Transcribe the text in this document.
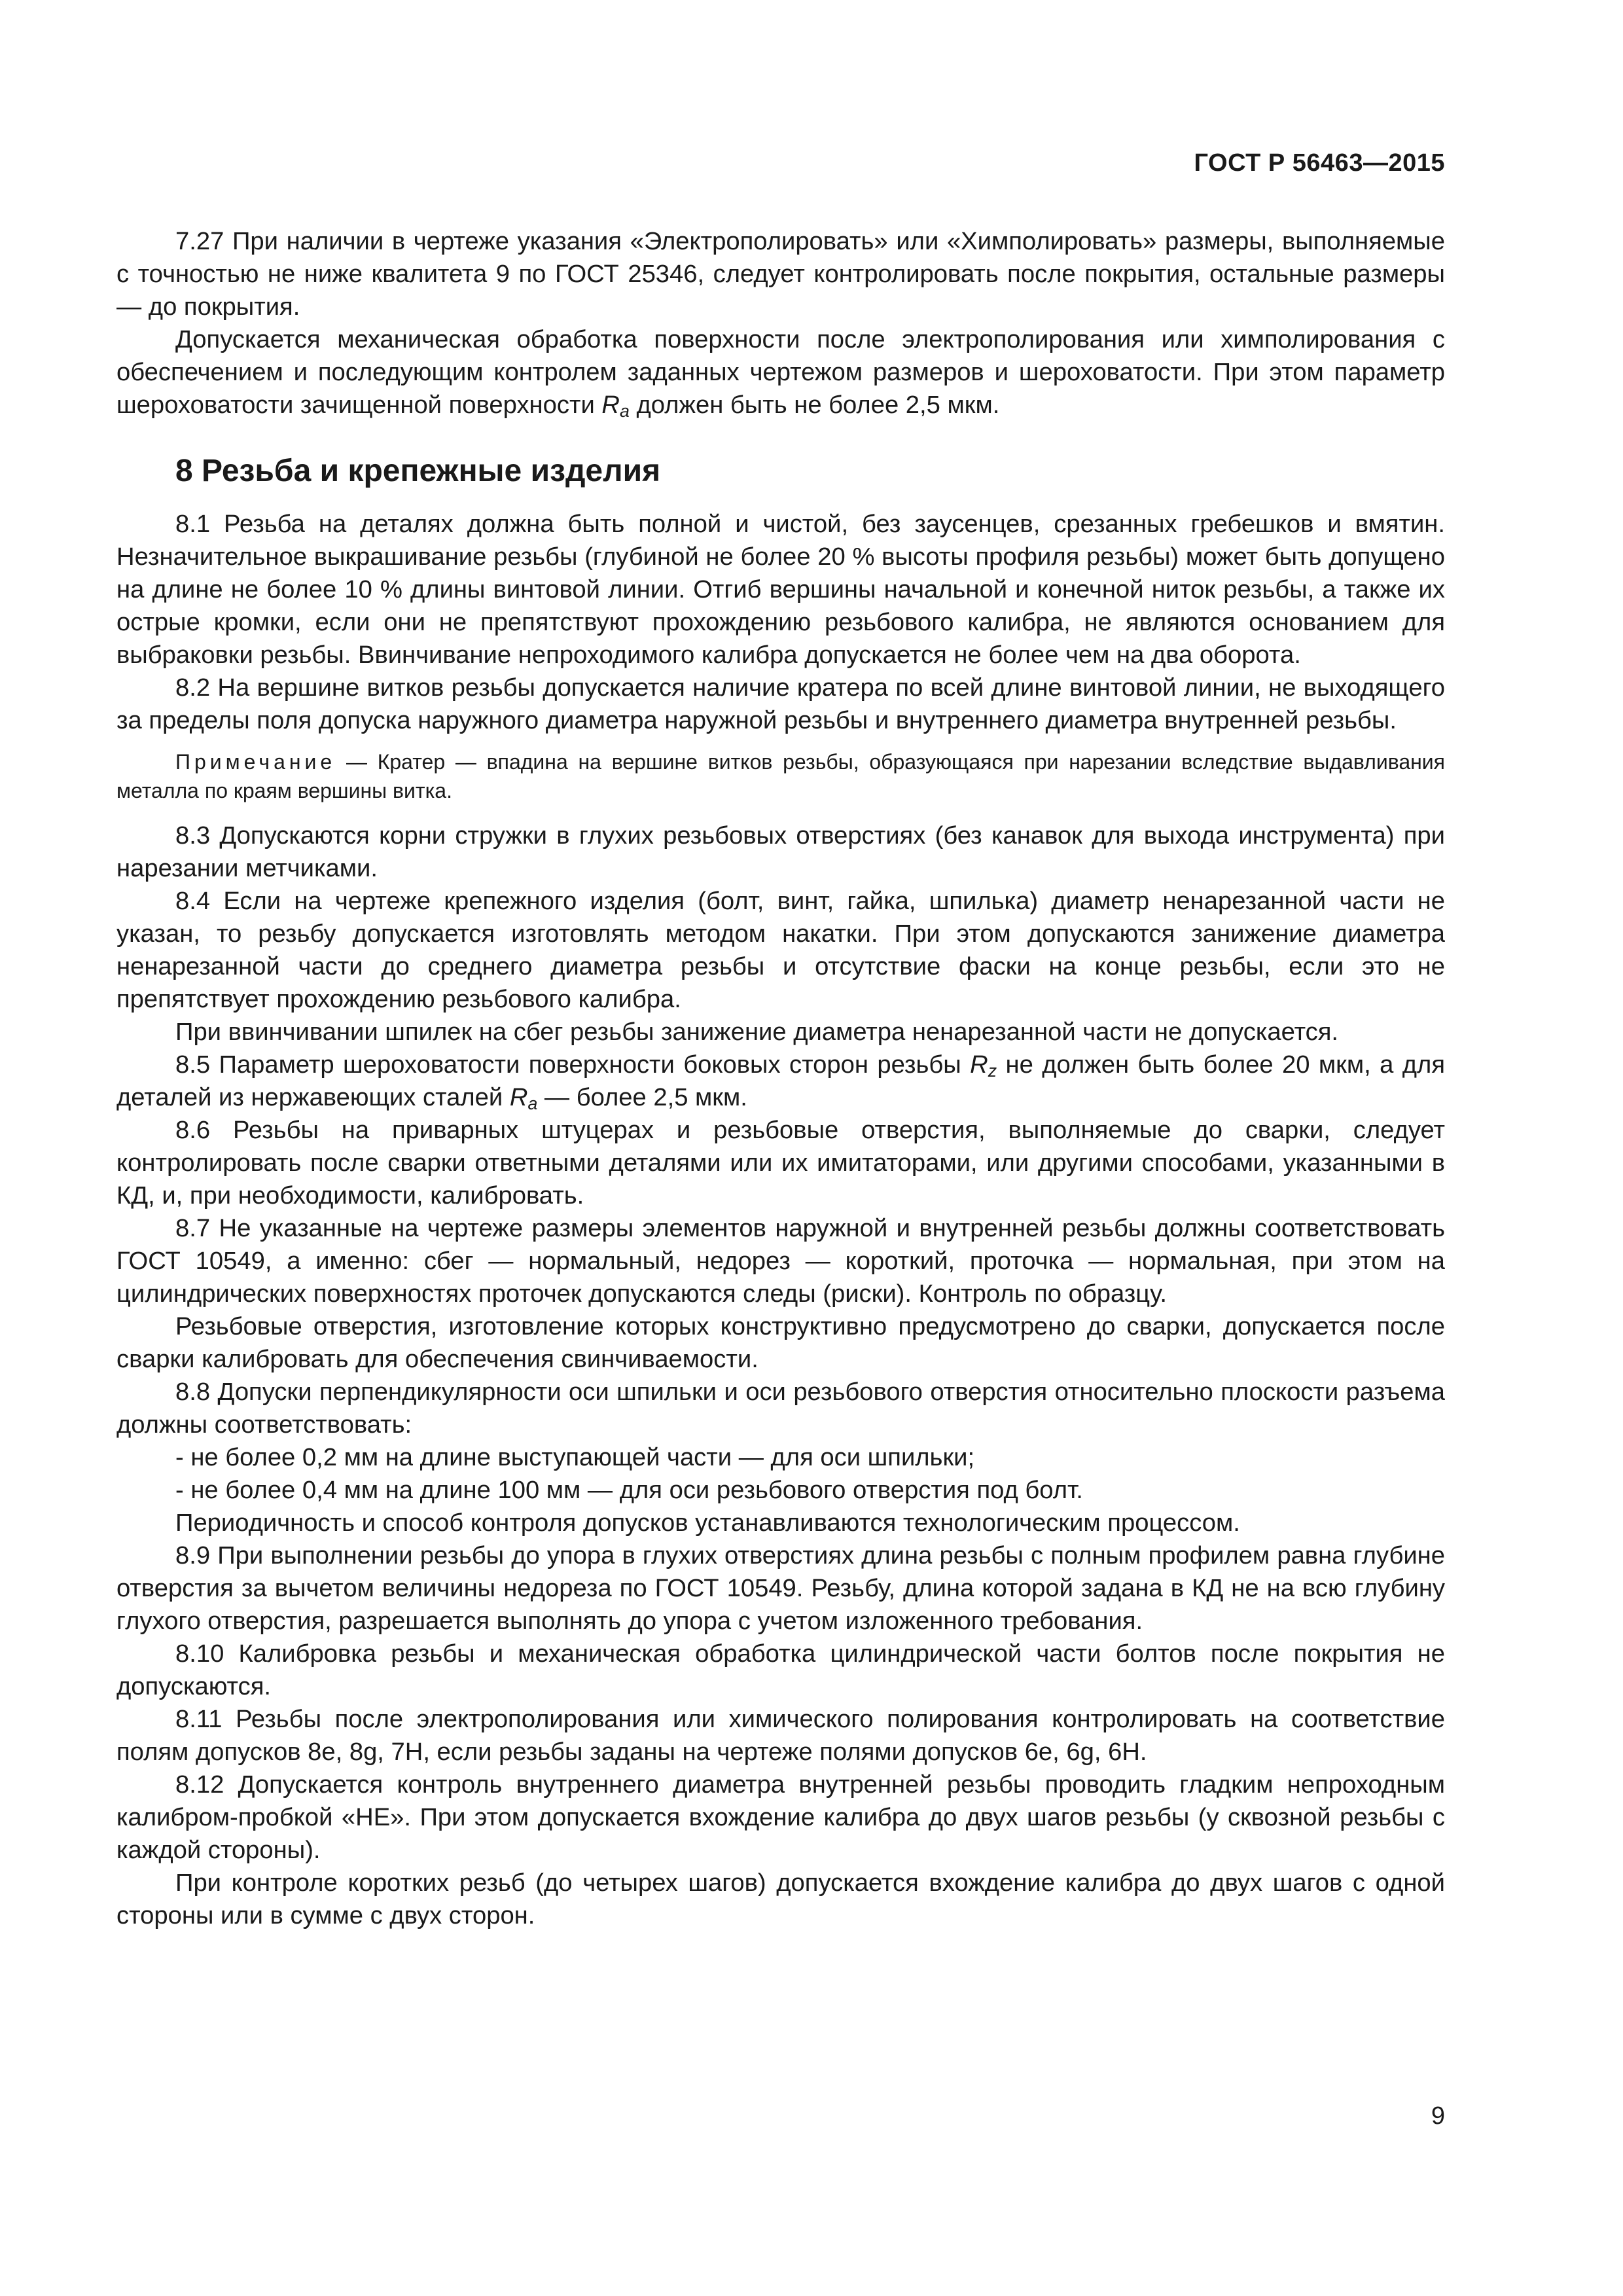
ГОСТ Р 56463—2015

7.27 При наличии в чертеже указания «Электрополировать» или «Химполировать» размеры, выполняемые с точностью не ниже квалитета 9 по ГОСТ 25346, следует контролировать после покрытия, остальные размеры — до покрытия.

Допускается механическая обработка поверхности после электрополирования или химполирования с обеспечением и последующим контролем заданных чертежом размеров и шероховатости. При этом параметр шероховатости зачищенной поверхности $R_a$ должен быть не более 2,5 мкм.

8 Резьба и крепежные изделия

8.1 Резьба на деталях должна быть полной и чистой, без заусенцев, срезанных гребешков и вмятин. Незначительное выкрашивание резьбы (глубиной не более 20 % высоты профиля резьбы) может быть допущено на длине не более 10 % длины винтовой линии. Отгиб вершины начальной и конечной ниток резьбы, а также их острые кромки, если они не препятствуют прохождению резьбового калибра, не являются основанием для выбраковки резьбы. Ввинчивание непроходимого калибра допускается не более чем на два оборота.

8.2 На вершине витков резьбы допускается наличие кратера по всей длине винтовой линии, не выходящего за пределы поля допуска наружного диаметра наружной резьбы и внутреннего диаметра внутренней резьбы.

Примечание — Кратер — впадина на вершине витков резьбы, образующаяся при нарезании вследствие выдавливания металла по краям вершины витка.

8.3 Допускаются корни стружки в глухих резьбовых отверстиях (без канавок для выхода инструмента) при нарезании метчиками.

8.4 Если на чертеже крепежного изделия (болт, винт, гайка, шпилька) диаметр ненарезанной части не указан, то резьбу допускается изготовлять методом накатки. При этом допускаются занижение диаметра ненарезанной части до среднего диаметра резьбы и отсутствие фаски на конце резьбы, если это не препятствует прохождению резьбового калибра.

При ввинчивании шпилек на сбег резьбы занижение диаметра ненарезанной части не допускается.

8.5 Параметр шероховатости поверхности боковых сторон резьбы $R_z$ не должен быть более 20 мкм, а для деталей из нержавеющих сталей $R_a$ — более 2,5 мкм.

8.6 Резьбы на приварных штуцерах и резьбовые отверстия, выполняемые до сварки, следует контролировать после сварки ответными деталями или их имитаторами, или другими способами, указанными в КД, и, при необходимости, калибровать.

8.7 Не указанные на чертеже размеры элементов наружной и внутренней резьбы должны соответствовать ГОСТ 10549, а именно: сбег — нормальный, недорез — короткий, проточка — нормальная, при этом на цилиндрических поверхностях проточек допускаются следы (риски). Контроль по образцу.

Резьбовые отверстия, изготовление которых конструктивно предусмотрено до сварки, допускается после сварки калибровать для обеспечения свинчиваемости.

8.8 Допуски перпендикулярности оси шпильки и оси резьбового отверстия относительно плоскости разъема должны соответствовать:

- не более 0,2 мм на длине выступающей части — для оси шпильки;

- не более 0,4 мм на длине 100 мм — для оси резьбового отверстия под болт.

Периодичность и способ контроля допусков устанавливаются технологическим процессом.

8.9 При выполнении резьбы до упора в глухих отверстиях длина резьбы с полным профилем равна глубине отверстия за вычетом величины недореза по ГОСТ 10549. Резьбу, длина которой задана в КД не на всю глубину глухого отверстия, разрешается выполнять до упора с учетом изложенного требования.

8.10 Калибровка резьбы и механическая обработка цилиндрической части болтов после покрытия не допускаются.

8.11 Резьбы после электрополирования или химического полирования контролировать на соответствие полям допусков 8е, 8g, 7Н, если резьбы заданы на чертеже полями допусков 6е, 6g, 6Н.

8.12 Допускается контроль внутреннего диаметра внутренней резьбы проводить гладким непроходным калибром-пробкой «НЕ». При этом допускается вхождение калибра до двух шагов резьбы (у сквозной резьбы с каждой стороны).

При контроле коротких резьб (до четырех шагов) допускается вхождение калибра до двух шагов с одной стороны или в сумме с двух сторон.

9
